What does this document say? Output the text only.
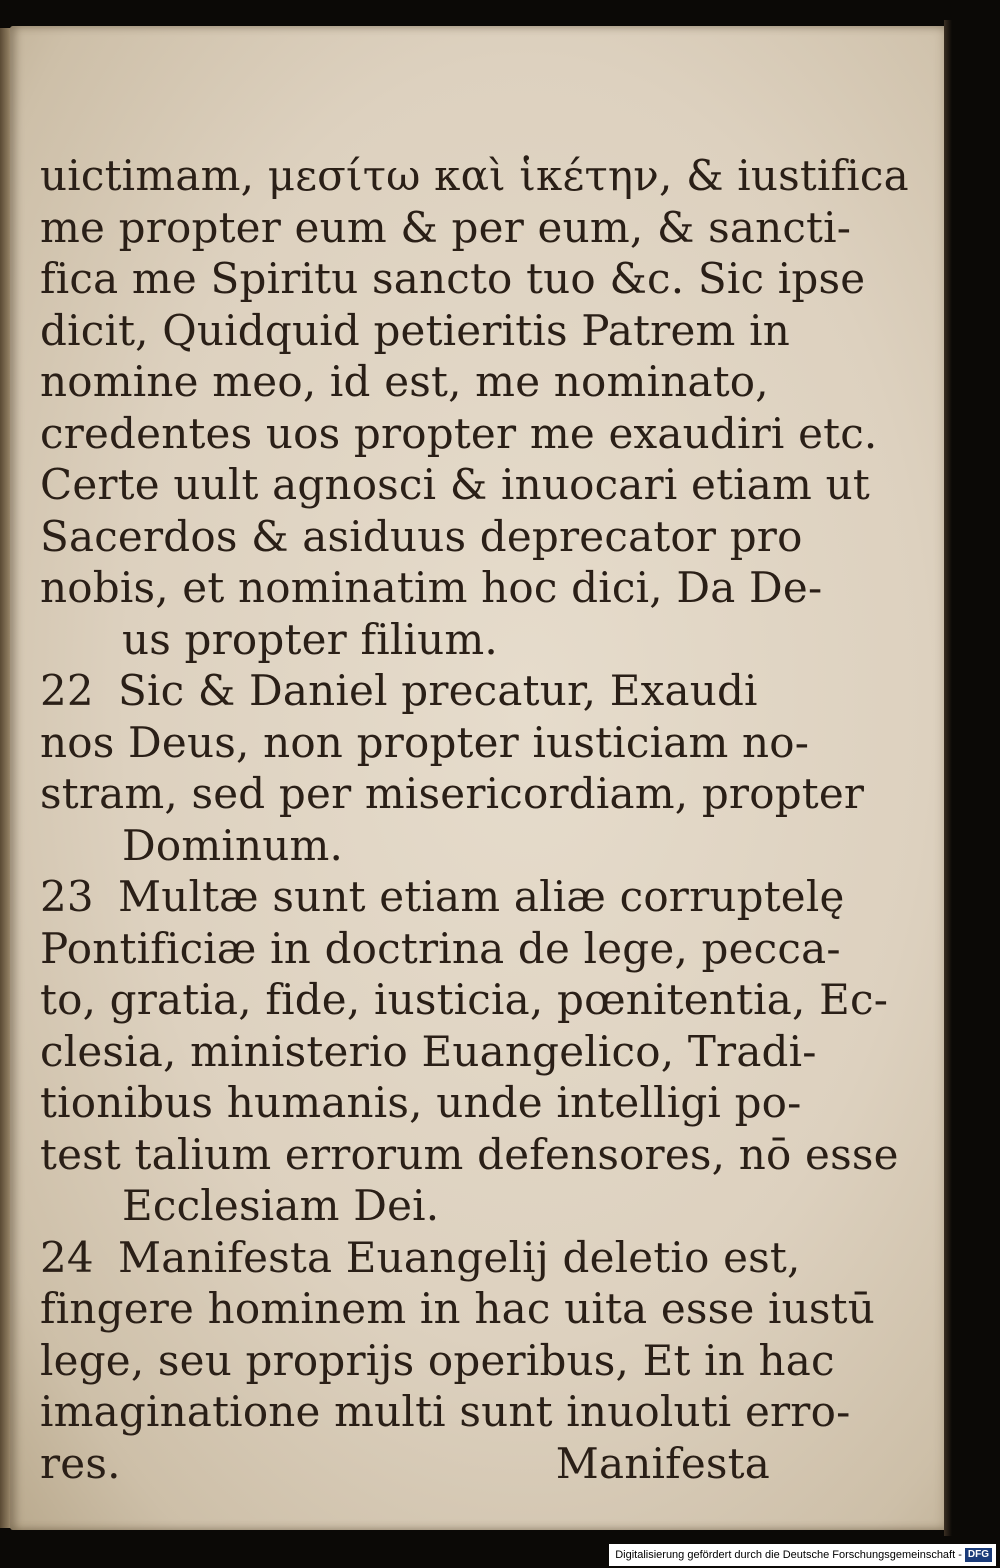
uictimam, μεσίτω καὶ ἱκέτην, & iustifica
me propter eum & per eum, & sancti-
fica me Spiritu sancto tuo &c. Sic ipse
dicit, Quidquid petieritis Patrem in
nomine meo, id est, me nominato,
credentes uos propter me exaudiri etc.
Certe uult agnosci & inuocari etiam ut
Sacerdos & asiduus deprecator pro
nobis, et nominatim hoc dici, Da De-
us propter filium.
22 Sic & Daniel precatur, Exaudi
nos Deus, non propter iusticiam no-
stram, sed per misericordiam, propter
Dominum.
23 Multæ sunt etiam aliæ corruptelę
Pontificiæ in doctrina de lege, pecca-
to, gratia, fide, iusticia, pœnitentia, Ec-
clesia, ministerio Euangelico, Tradi-
tionibus humanis, unde intelligi po-
test talium errorum defensores, nō esse
Ecclesiam Dei.
24 Manifesta Euangelij deletio est,
fingere hominem in hac uita esse iustū
lege, seu proprijs operibus, Et in hac
imaginatione multi sunt inuoluti erro-
res.	Manifesta
Digitalisierung gefördert durch die Deutsche Forschungsgemeinschaft - DFG
